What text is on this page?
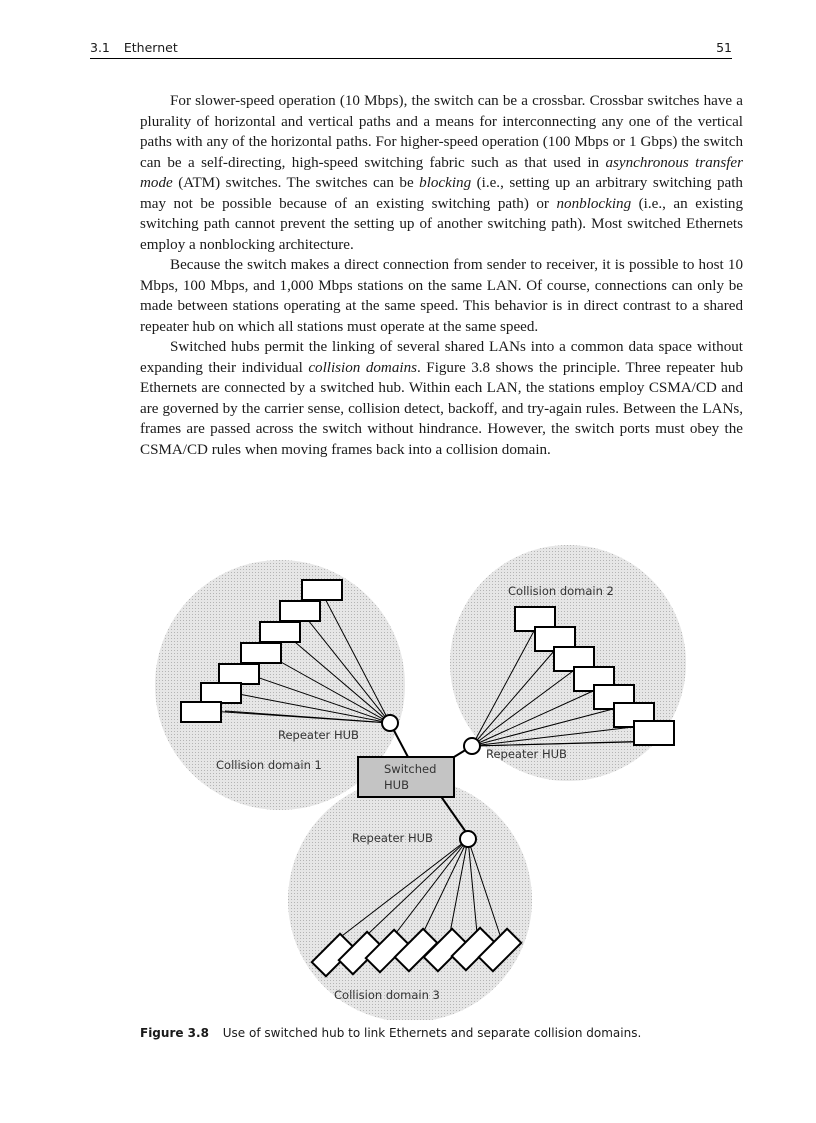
3.1 Ethernet	51

For slower-speed operation (10 Mbps), the switch can be a crossbar. Crossbar switches have a plurality of horizontal and vertical paths and a means for interconnecting any one of the vertical paths with any of the horizontal paths. For higher-speed operation (100 Mbps or 1 Gbps) the switch can be a self-directing, high-speed switching fabric such as that used in asynchronous transfer mode (ATM) switches. The switches can be blocking (i.e., setting up an arbitrary switching path may not be possible because of an existing switching path) or nonblocking (i.e., an existing switching path cannot prevent the setting up of another switching path). Most switched Ethernets employ a nonblocking architecture.

Because the switch makes a direct connection from sender to receiver, it is possible to host 10 Mbps, 100 Mbps, and 1,000 Mbps stations on the same LAN. Of course, connections can only be made between stations operating at the same speed. This behavior is in direct contrast to a shared repeater hub on which all stations must operate at the same speed.

Switched hubs permit the linking of several shared LANs into a common data space without expanding their individual collision domains. Figure 3.8 shows the principle. Three repeater hub Ethernets are connected by a switched hub. Within each LAN, the stations employ CSMA/CD and are governed by the carrier sense, collision detect, backoff, and try-again rules. Between the LANs, frames are passed across the switch without hindrance. However, the switch ports must obey the CSMA/CD rules when moving frames back into a collision domain.

Collision domain 2
Repeater HUB
Repeater HUB
Collision domain 1	Switched
HUB
Repeater HUB
Collision domain 3
Figure 3.8 Use of switched hub to link Ethernets and separate collision domains.
